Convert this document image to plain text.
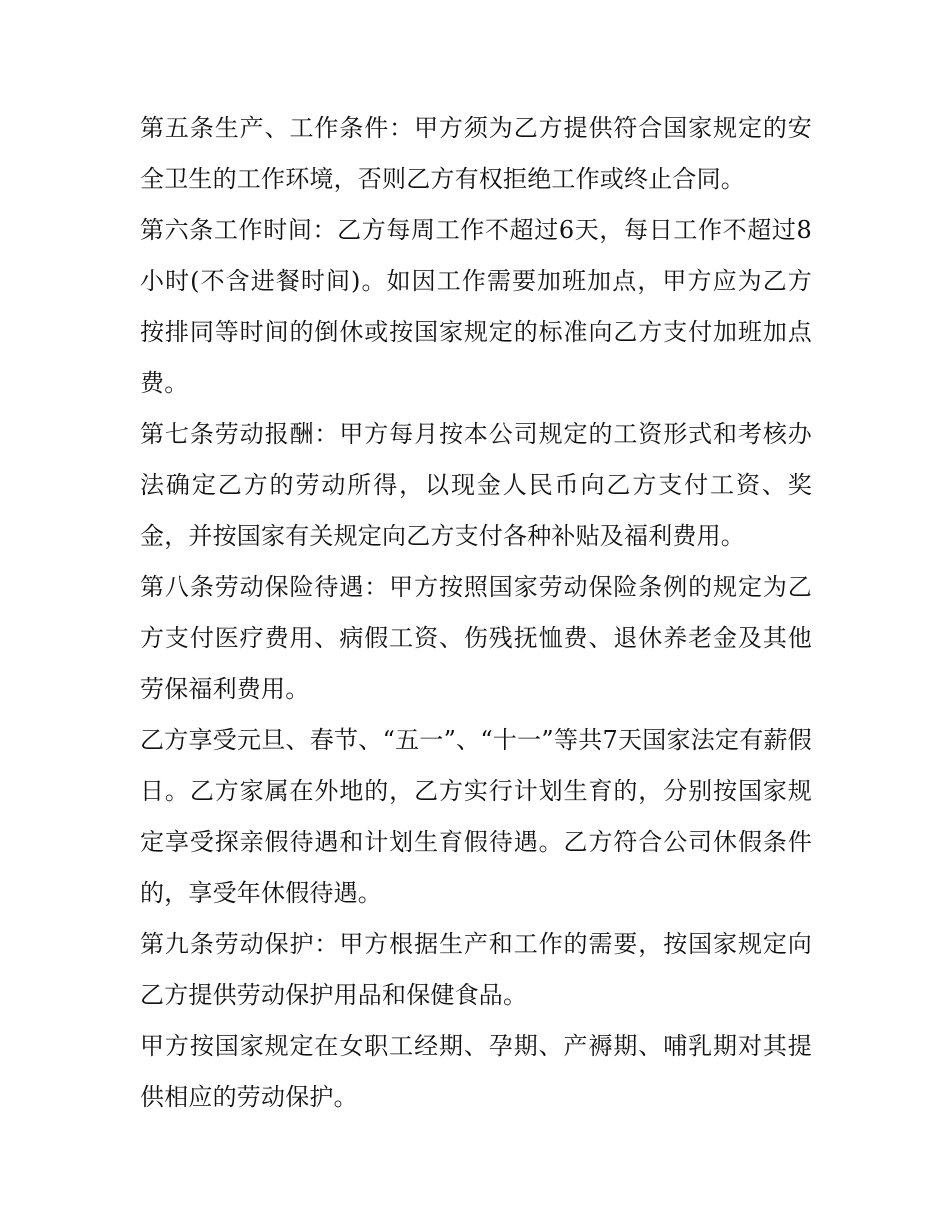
第五条生产、工作条件：甲方须为乙方提供符合国家规定的安全卫生的工作环境，否则乙方有权拒绝工作或终止合同。

第六条工作时间：乙方每周工作不超过6天，每日工作不超过8小时(不含进餐时间)。如因工作需要加班加点，甲方应为乙方按排同等时间的倒休或按国家规定的标准向乙方支付加班加点费。

第七条劳动报酬：甲方每月按本公司规定的工资形式和考核办法确定乙方的劳动所得，以现金人民币向乙方支付工资、奖金，并按国家有关规定向乙方支付各种补贴及福利费用。

第八条劳动保险待遇：甲方按照国家劳动保险条例的规定为乙方支付医疗费用、病假工资、伤残抚恤费、退休养老金及其他劳保福利费用。

乙方享受元旦、春节、“五一”、“十一”等共7天国家法定有薪假日。乙方家属在外地的，乙方实行计划生育的，分别按国家规定享受探亲假待遇和计划生育假待遇。乙方符合公司休假条件的，享受年休假待遇。

第九条劳动保护：甲方根据生产和工作的需要，按国家规定向乙方提供劳动保护用品和保健食品。

甲方按国家规定在女职工经期、孕期、产褥期、哺乳期对其提供相应的劳动保护。
